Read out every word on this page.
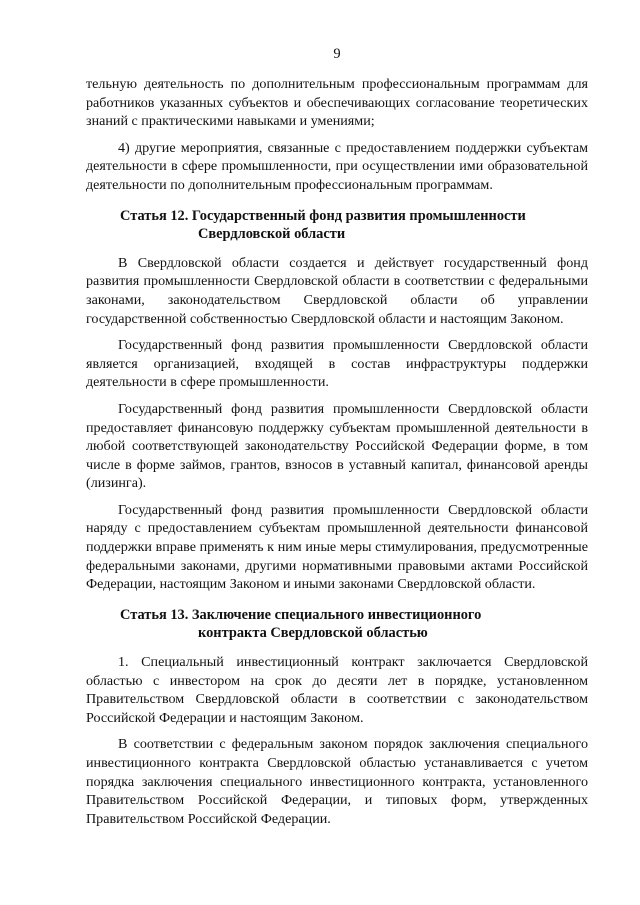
9

тельную деятельность по дополнительным профессиональным программам для работников указанных субъектов и обеспечивающих согласование теоретических знаний с практическими навыками и умениями;

4) другие мероприятия, связанные с предоставлением поддержки субъектам деятельности в сфере промышленности, при осуществлении ими образовательной деятельности по дополнительным профессиональным программам.

Статья 12. Государственный фонд развития промышленности
Свердловской области

В Свердловской области создается и действует государственный фонд развития промышленности Свердловской области в соответствии с федеральными законами, законодательством Свердловской области об управлении государственной собственностью Свердловской области и настоящим Законом.

Государственный фонд развития промышленности Свердловской области является организацией, входящей в состав инфраструктуры поддержки деятельности в сфере промышленности.

Государственный фонд развития промышленности Свердловской области предоставляет финансовую поддержку субъектам промышленной деятельности в любой соответствующей законодательству Российской Федерации форме, в том числе в форме займов, грантов, взносов в уставный капитал, финансовой аренды (лизинга).

Государственный фонд развития промышленности Свердловской области наряду с предоставлением субъектам промышленной деятельности финансовой поддержки вправе применять к ним иные меры стимулирования, предусмотренные федеральными законами, другими нормативными правовыми актами Российской Федерации, настоящим Законом и иными законами Свердловской области.

Статья 13. Заключение специального инвестиционного
контракта Свердловской областью

1. Специальный инвестиционный контракт заключается Свердловской областью с инвестором на срок до десяти лет в порядке, установленном Правительством Свердловской области в соответствии с законодательством Российской Федерации и настоящим Законом.

В соответствии с федеральным законом порядок заключения специального инвестиционного контракта Свердловской областью устанавливается с учетом порядка заключения специального инвестиционного контракта, установленного Правительством Российской Федерации, и типовых форм, утвержденных Правительством Российской Федерации.
